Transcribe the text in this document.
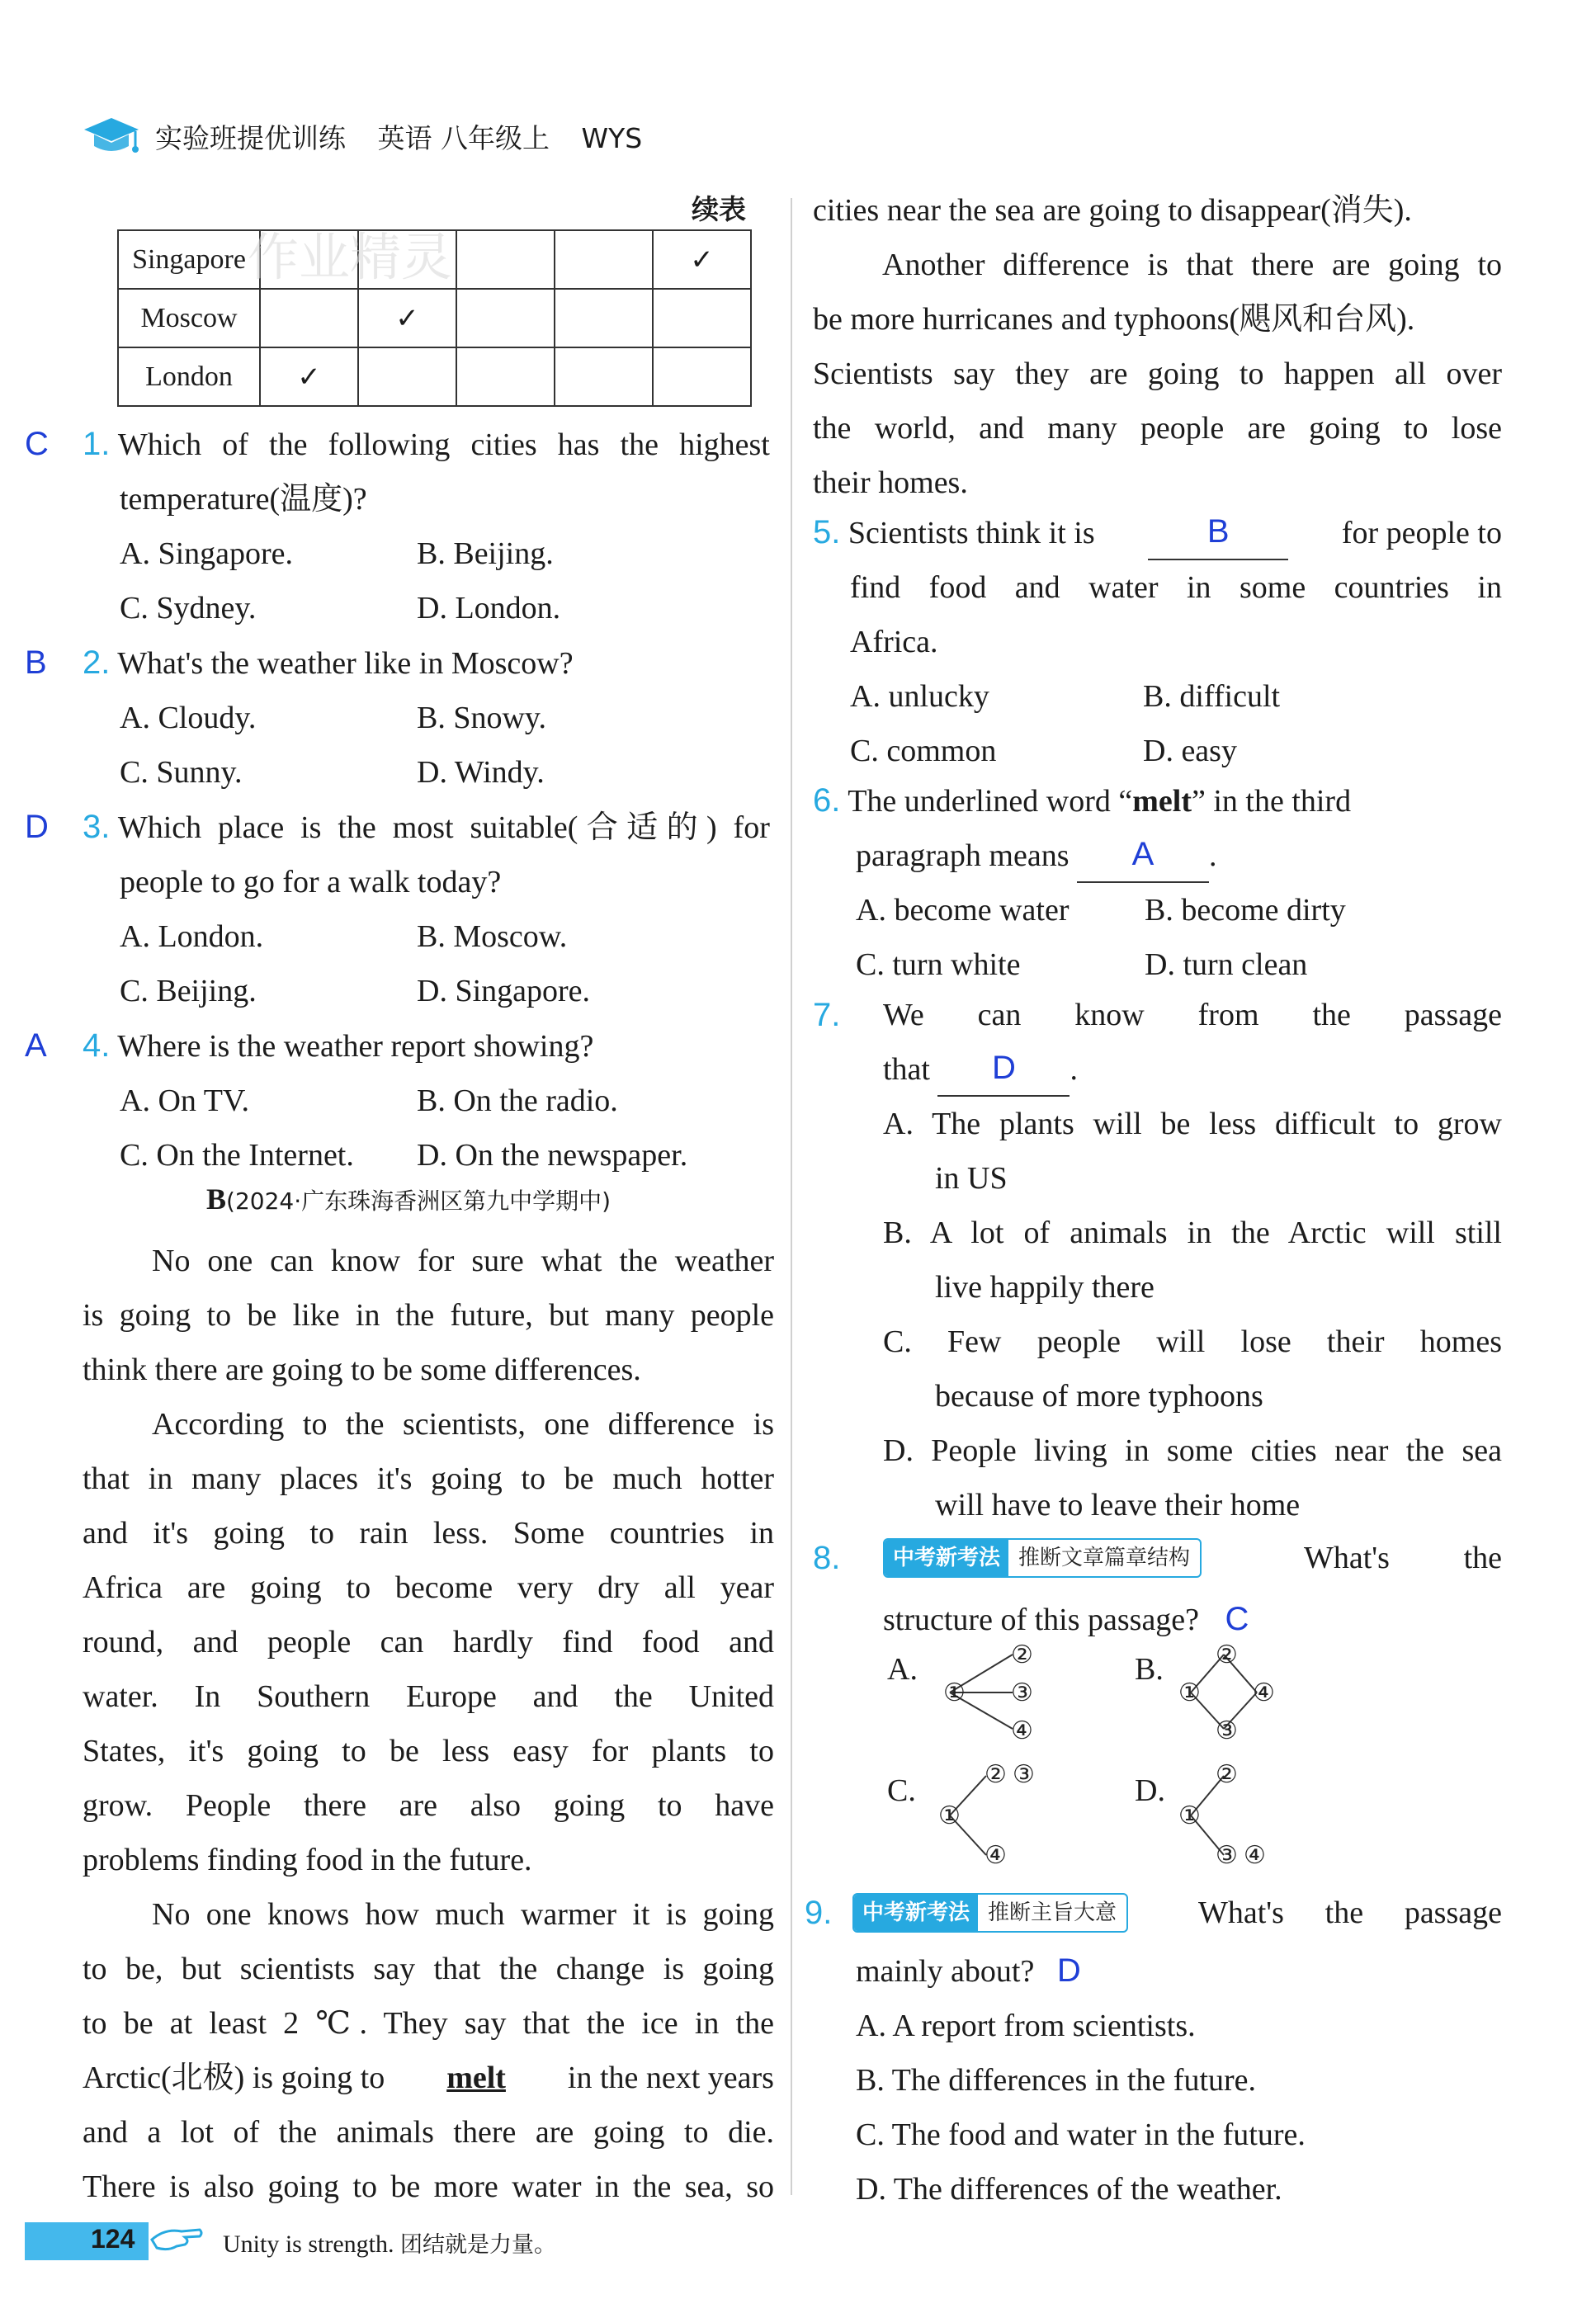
实验班提优训练 英语 八年级上 WYS
续表
Singapore					✓
Moscow		✓			
London	✓				
作业精灵
C 1. Which of the following cities has the highest
temperature(温度)?
A. Singapore.	B. Beijing.
C. Sydney.	D. London.
B 2. What's the weather like in Moscow?
A. Cloudy.	B. Snowy.
C. Sunny.	D. Windy.
D 3. Which place is the most suitable(合适的) for
people to go for a walk today?
A. London.	B. Moscow.
C. Beijing.	D. Singapore.
A 4. Where is the weather report showing?
A. On TV.	B. On the radio.
C. On the Internet. D. On the newspaper.
B(2024·广东珠海香洲区第九中学期中)
No one can know for sure what the weather
is going to be like in the future, but many people
think there are going to be some differences.
According to the scientists, one difference is
that in many places it's going to be much hotter
and it's going to rain less. Some countries in
Africa are going to become very dry all year
round, and people can hardly find food and
water. In Southern Europe and the United
States, it's going to be less easy for plants to
grow. People there are also going to have
problems finding food in the future.
No one knows how much warmer it is going
to be, but scientists say that the change is going
to be at least 2 ℃. They say that the ice in the
Arctic(北极) is going to melt in the next years
and a lot of the animals there are going to die.
There is also going to be more water in the sea, so
cities near the sea are going to disappear(消失).
Another difference is that there are going to
be more hurricanes and typhoons(飓风和台风).
Scientists say they are going to happen all over
the world, and many people are going to lose
their homes.
5. Scientists think it is	B	for people to
find food and water in some countries in
Africa.
A. unlucky	B. difficult
C. common	D. easy
6. The underlined word “melt” in the third
paragraph means	A	.
A. become water B. become dirty
C. turn white	D. turn clean
7.	We can know from the passage
that	D	.
A. The plants will be less difficult to grow
in US
B. A lot of animals in the Arctic will still
live happily there
C. Few people will lose their homes
because of more typhoons
D. People living in some cities near the sea
will have to leave their home
8.	中考新考法 推断文章篇章结构	What's the
structure of this passage? C
A.
①
②
③
④
B.
①
②
③
④
C.
①
② ③
④
D.
①
②
③ ④
9.	中考新考法 推断主旨大意	What's the passage
mainly about? D
A. A report from scientists.
B. The differences in the future.
C. The food and water in the future.
D. The differences of the weather.
124	Unity is strength. 团结就是力量。
